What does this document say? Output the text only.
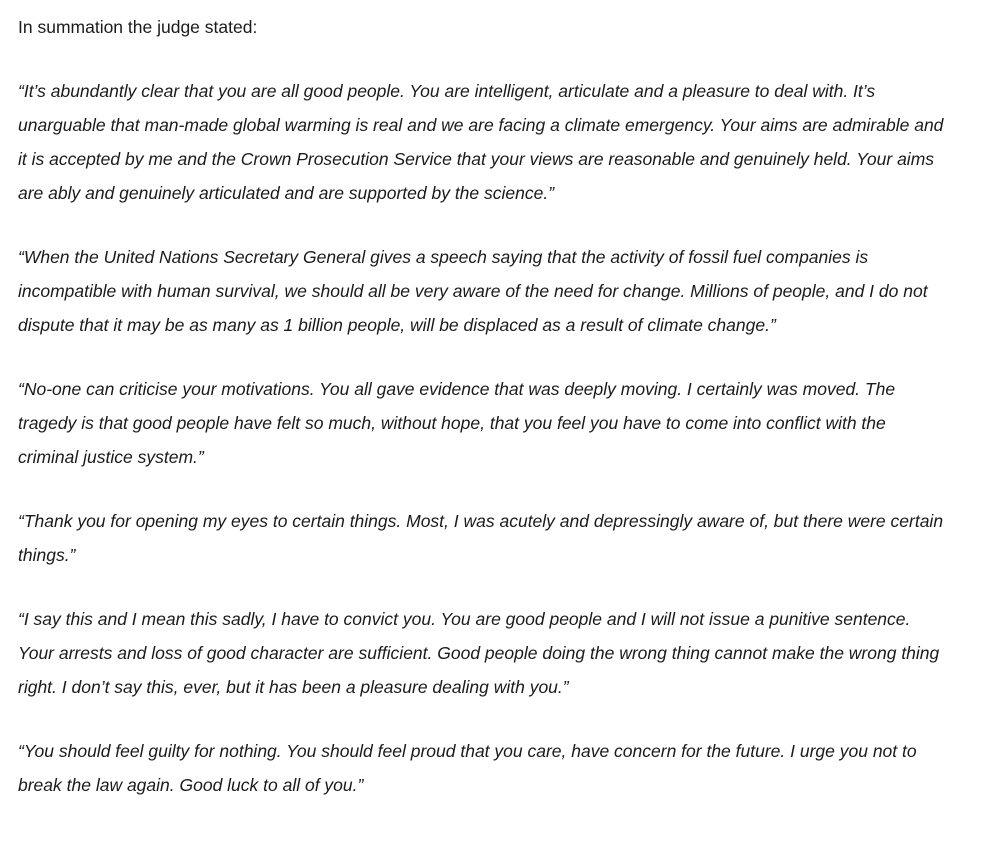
In summation the judge stated:

“It’s abundantly clear that you are all good people. You are intelligent, articulate and a pleasure to deal with. It’s unarguable that man-made global warming is real and we are facing a climate emergency. Your aims are admirable and it is accepted by me and the Crown Prosecution Service that your views are reasonable and genuinely held. Your aims are ably and genuinely articulated and are supported by the science.”

“When the United Nations Secretary General gives a speech saying that the activity of fossil fuel companies is incompatible with human survival, we should all be very aware of the need for change. Millions of people, and I do not dispute that it may be as many as 1 billion people, will be displaced as a result of climate change.”

“No-one can criticise your motivations. You all gave evidence that was deeply moving. I certainly was moved. The tragedy is that good people have felt so much, without hope, that you feel you have to come into conflict with the criminal justice system.”

“Thank you for opening my eyes to certain things. Most, I was acutely and depressingly aware of, but there were certain things.”

“I say this and I mean this sadly, I have to convict you. You are good people and I will not issue a punitive sentence. Your arrests and loss of good character are sufficient. Good people doing the wrong thing cannot make the wrong thing right. I don’t say this, ever, but it has been a pleasure dealing with you.”

“You should feel guilty for nothing. You should feel proud that you care, have concern for the future. I urge you not to break the law again. Good luck to all of you.”
